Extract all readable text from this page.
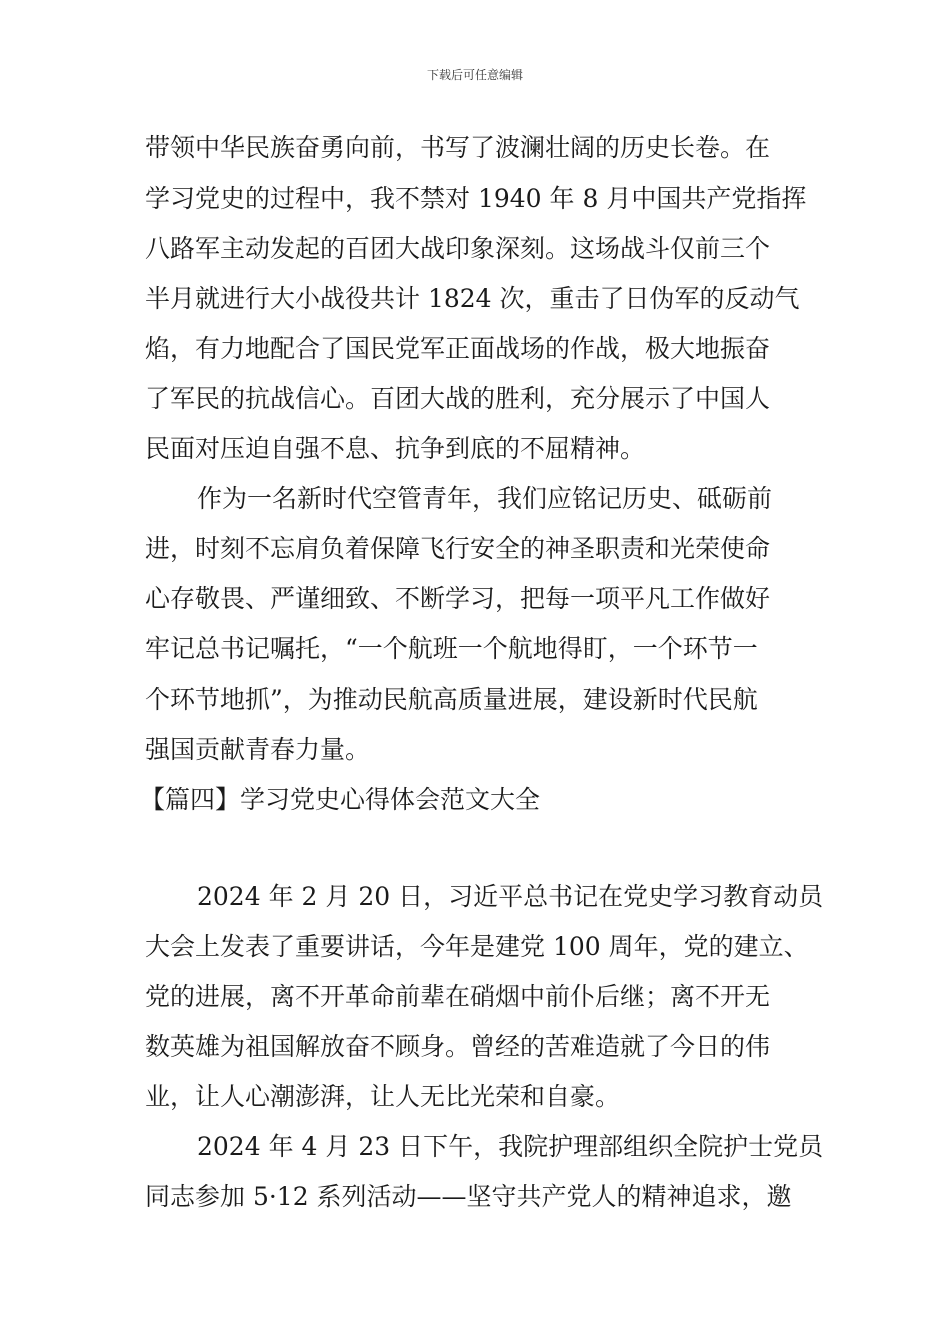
下载后可任意编辑
带领中华民族奋勇向前，书写了波澜壮阔的历史长卷。在
学习党史的过程中，我不禁对 1940 年 8 月中国共产党指挥
八路军主动发起的百团大战印象深刻。这场战斗仅前三个
半月就进行大小战役共计 1824 次，重击了日伪军的反动气
焰，有力地配合了国民党军正面战场的作战，极大地振奋
了军民的抗战信心。百团大战的胜利，充分展示了中国人
民面对压迫自强不息、抗争到底的不屈精神。
作为一名新时代空管青年，我们应铭记历史、砥砺前
进，时刻不忘肩负着保障飞行安全的神圣职责和光荣使命
心存敬畏、严谨细致、不断学习，把每一项平凡工作做好
牢记总书记嘱托，“一个航班一个航地得盯，一个环节一
个环节地抓”，为推动民航高质量进展，建设新时代民航
强国贡献青春力量。
【篇四】学习党史心得体会范文大全
2024 年 2 月 20 日，习近平总书记在党史学习教育动员
大会上发表了重要讲话，今年是建党 100 周年，党的建立、
党的进展，离不开革命前辈在硝烟中前仆后继；离不开无
数英雄为祖国解放奋不顾身。曾经的苦难造就了今日的伟
业，让人心潮澎湃，让人无比光荣和自豪。
2024 年 4 月 23 日下午，我院护理部组织全院护士党员
同志参加 5·12 系列活动——坚守共产党人的精神追求，邀
